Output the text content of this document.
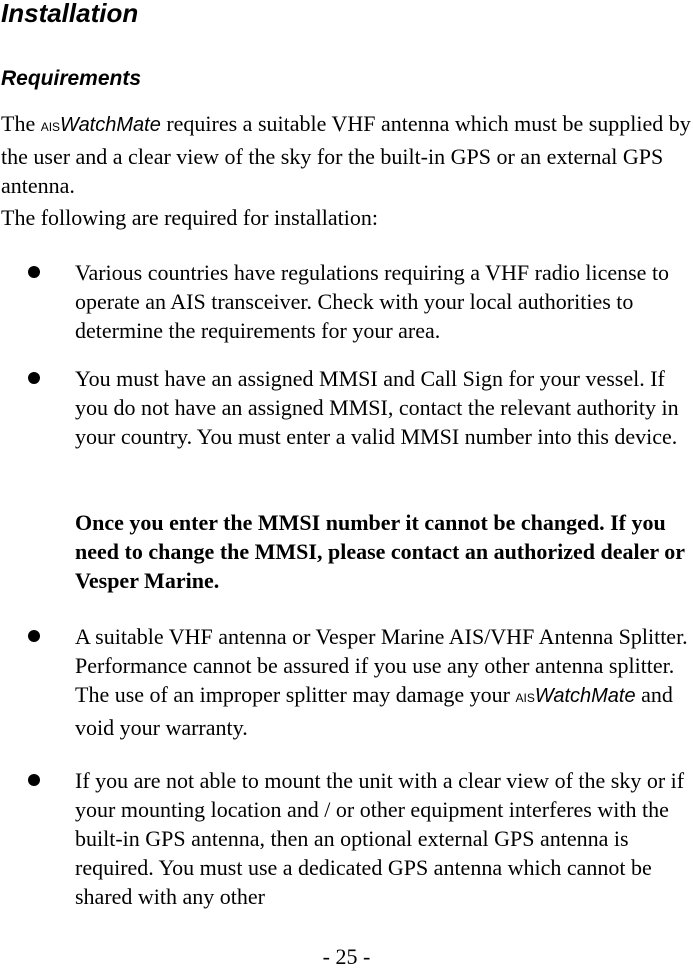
Installation
Requirements

The AISWatchMate requires a suitable VHF antenna which must be supplied by the user and a clear view of the sky for the built-in GPS or an external GPS antenna.

The following are required for installation:

Various countries have regulations requiring a VHF radio license to operate an AIS transceiver. Check with your local authorities to determine the requirements for your area.

You must have an assigned MMSI and Call Sign for your vessel. If you do not have an assigned MMSI, contact the relevant authority in your country. You must enter a valid MMSI number into this device.

Once you enter the MMSI number it cannot be changed. If you need to change the MMSI, please contact an authorized dealer or Vesper Marine.

A suitable VHF antenna or Vesper Marine AIS/VHF Antenna Splitter. Performance cannot be assured if you use any other antenna splitter. The use of an improper splitter may damage your AISWatchMate and void your warranty.

If you are not able to mount the unit with a clear view of the sky or if your mounting location and / or other equipment interferes with the built-in GPS antenna, then an optional external GPS antenna is required. You must use a dedicated GPS antenna which cannot be shared with any other

- 25 -
